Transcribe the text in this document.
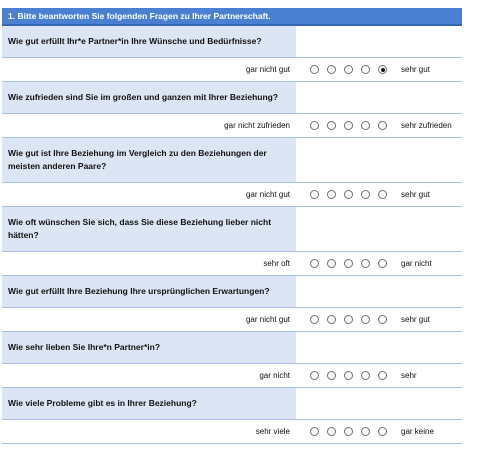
1. Bitte beantworten Sie folgenden Fragen zu Ihrer Partnerschaft.
Wie gut erfüllt Ihr*e Partner*in Ihre Wünsche und Bedürfnisse?
gar nicht gut	sehr gut
Wie zufrieden sind Sie im großen und ganzen mit Ihrer Beziehung?
gar nicht zufrieden	sehr zufrieden
Wie gut ist Ihre Beziehung im Vergleich zu den Beziehungen der meisten anderen Paare?
gar nicht gut	sehr gut
Wie oft wünschen Sie sich, dass Sie diese Beziehung lieber nicht hätten?
sehr oft	gar nicht
Wie gut erfüllt Ihre Beziehung Ihre ursprünglichen Erwartungen?
gar nicht gut	sehr gut
Wie sehr lieben Sie Ihre*n Partner*in?
gar nicht	sehr
Wie viele Probleme gibt es in Ihrer Beziehung?
sehr viele	gar keine
